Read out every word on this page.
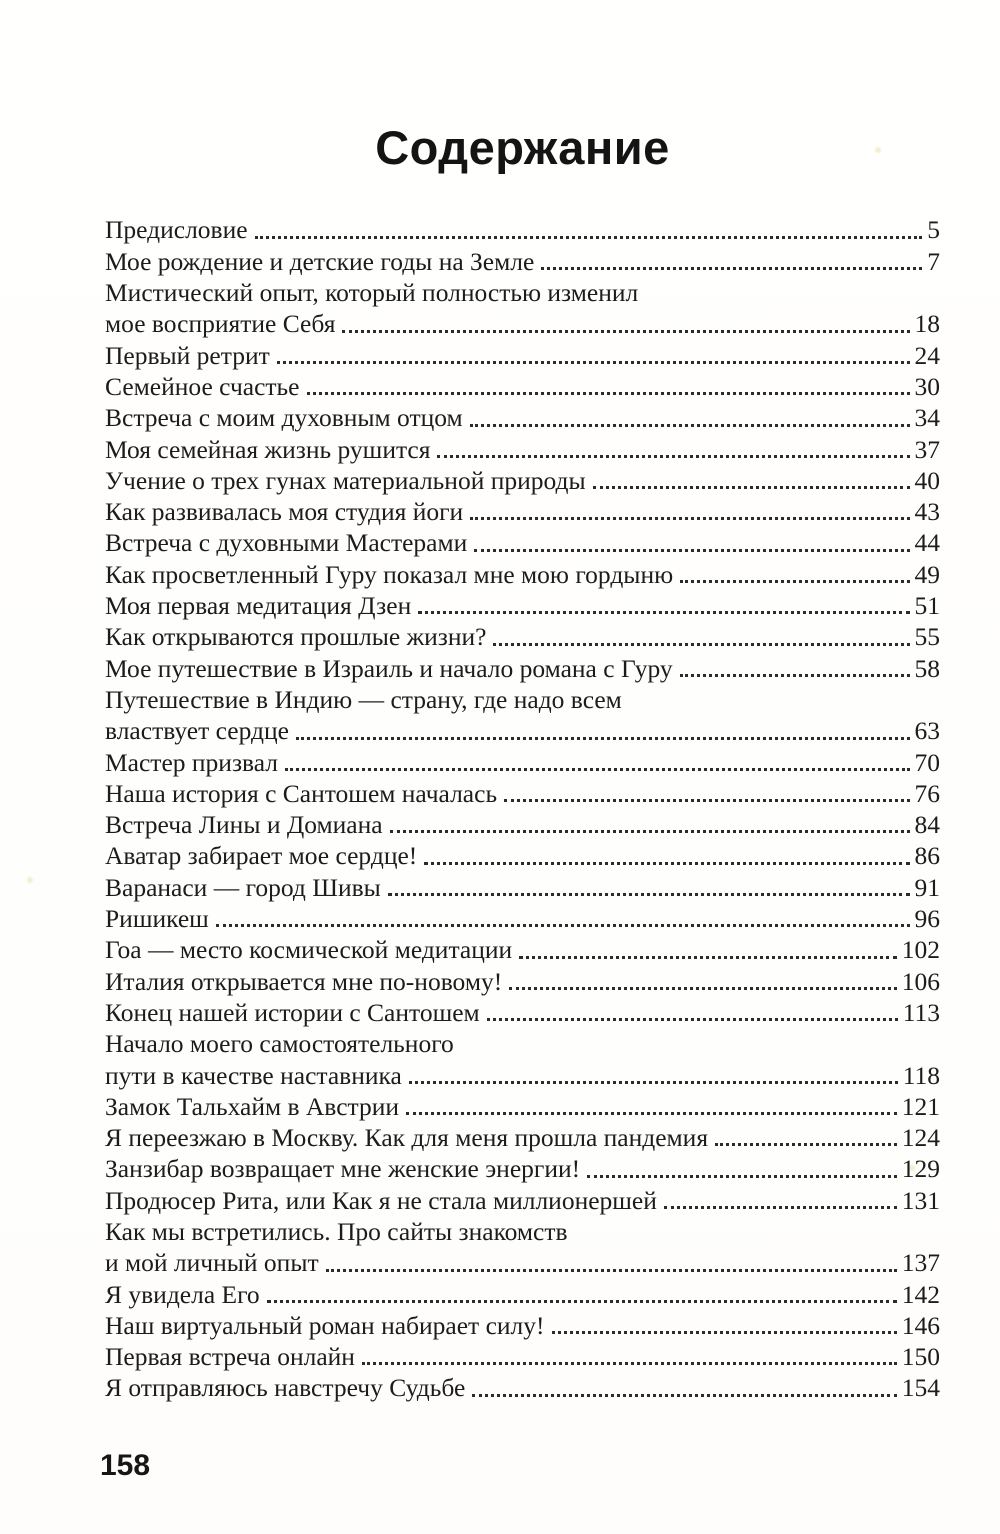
Содержание
Предисловие	5
Мое рождение и детские годы на Земле	7
Мистический опыт, который полностью изменил
мое восприятие Себя	18
Первый ретрит	24
Семейное счастье	30
Встреча с моим духовным отцом	34
Моя семейная жизнь рушится	37
Учение о трех гунах материальной природы	40
Как развивалась моя студия йоги	43
Встреча с духовными Мастерами	44
Как просветленный Гуру показал мне мою гордыню	49
Моя первая медитация Дзен	51
Как открываются прошлые жизни?	55
Мое путешествие в Израиль и начало романа с Гуру	58
Путешествие в Индию — страну, где надо всем
властвует сердце	63
Мастер призвал	70
Наша история с Сантошем началась	76
Встреча Лины и Домиана	84
Аватар забирает мое сердце!	86
Варанаси — город Шивы	91
Ришикеш	96
Гоа — место космической медитации	102
Италия открывается мне по-новому!	106
Конец нашей истории с Сантошем	113
Начало моего самостоятельного
пути в качестве наставника	118
Замок Тальхайм в Австрии	121
Я переезжаю в Москву. Как для меня прошла пандемия	124
Занзибар возвращает мне женские энергии!	129
Продюсер Рита, или Как я не стала миллионершей	131
Как мы встретились. Про сайты знакомств
и мой личный опыт	137
Я увидела Его	142
Наш виртуальный роман набирает силу!	146
Первая встреча онлайн	150
Я отправляюсь навстречу Судьбе	154
158
